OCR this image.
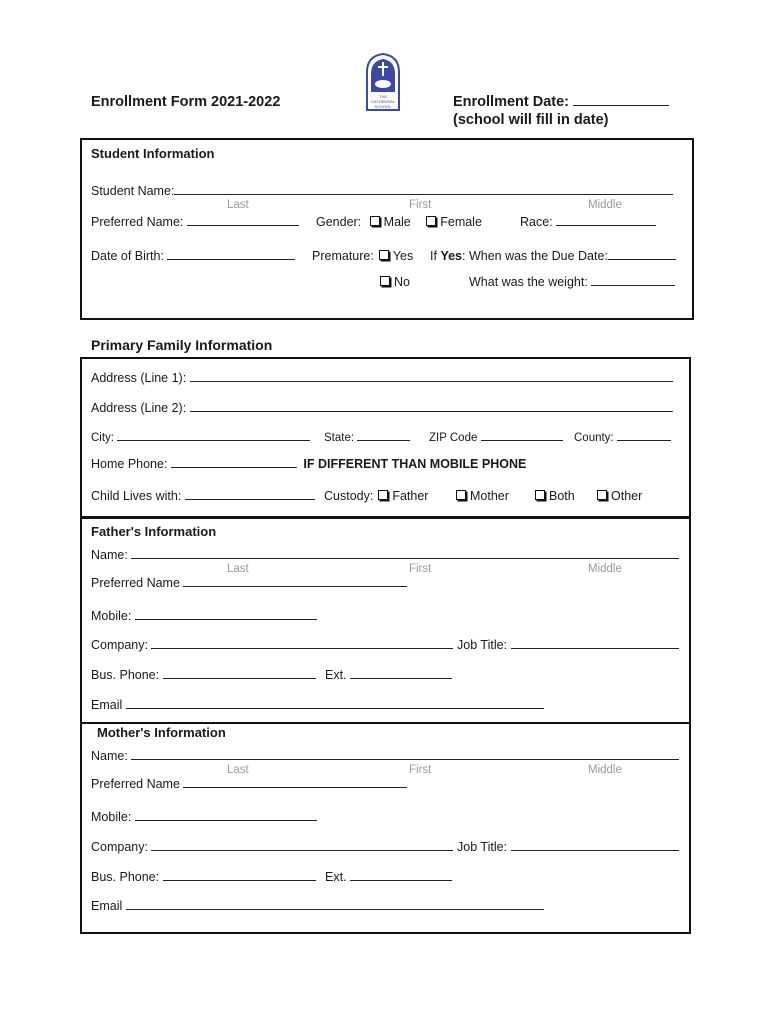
THE
CATHEDRAL
SCHOOL
Enrollment Form 2021-2022	Enrollment Date:
(school will fill in date)
Student Information
Student Name:
Last	First	Middle
Preferred Name:	Gender: Male Female	Race:
Date of Birth:	Premature: Yes If Yes: When was the Due Date:
No	What was the weight:
Primary Family Information
Address (Line 1):
Address (Line 2):
City:	State:	ZIP Code	County:
Home Phone:	IF DIFFERENT THAN MOBILE PHONE
Child Lives with:	Custody: Father	Mother	Both	Other
Father's Information
Name:
Last	First	Middle
Preferred Name
Mobile:
Company:	Job Title:
Bus. Phone:	Ext.
Email
Mother's Information
Name:
Last	First	Middle
Preferred Name
Mobile:
Company:	Job Title:
Bus. Phone:	Ext.
Email
